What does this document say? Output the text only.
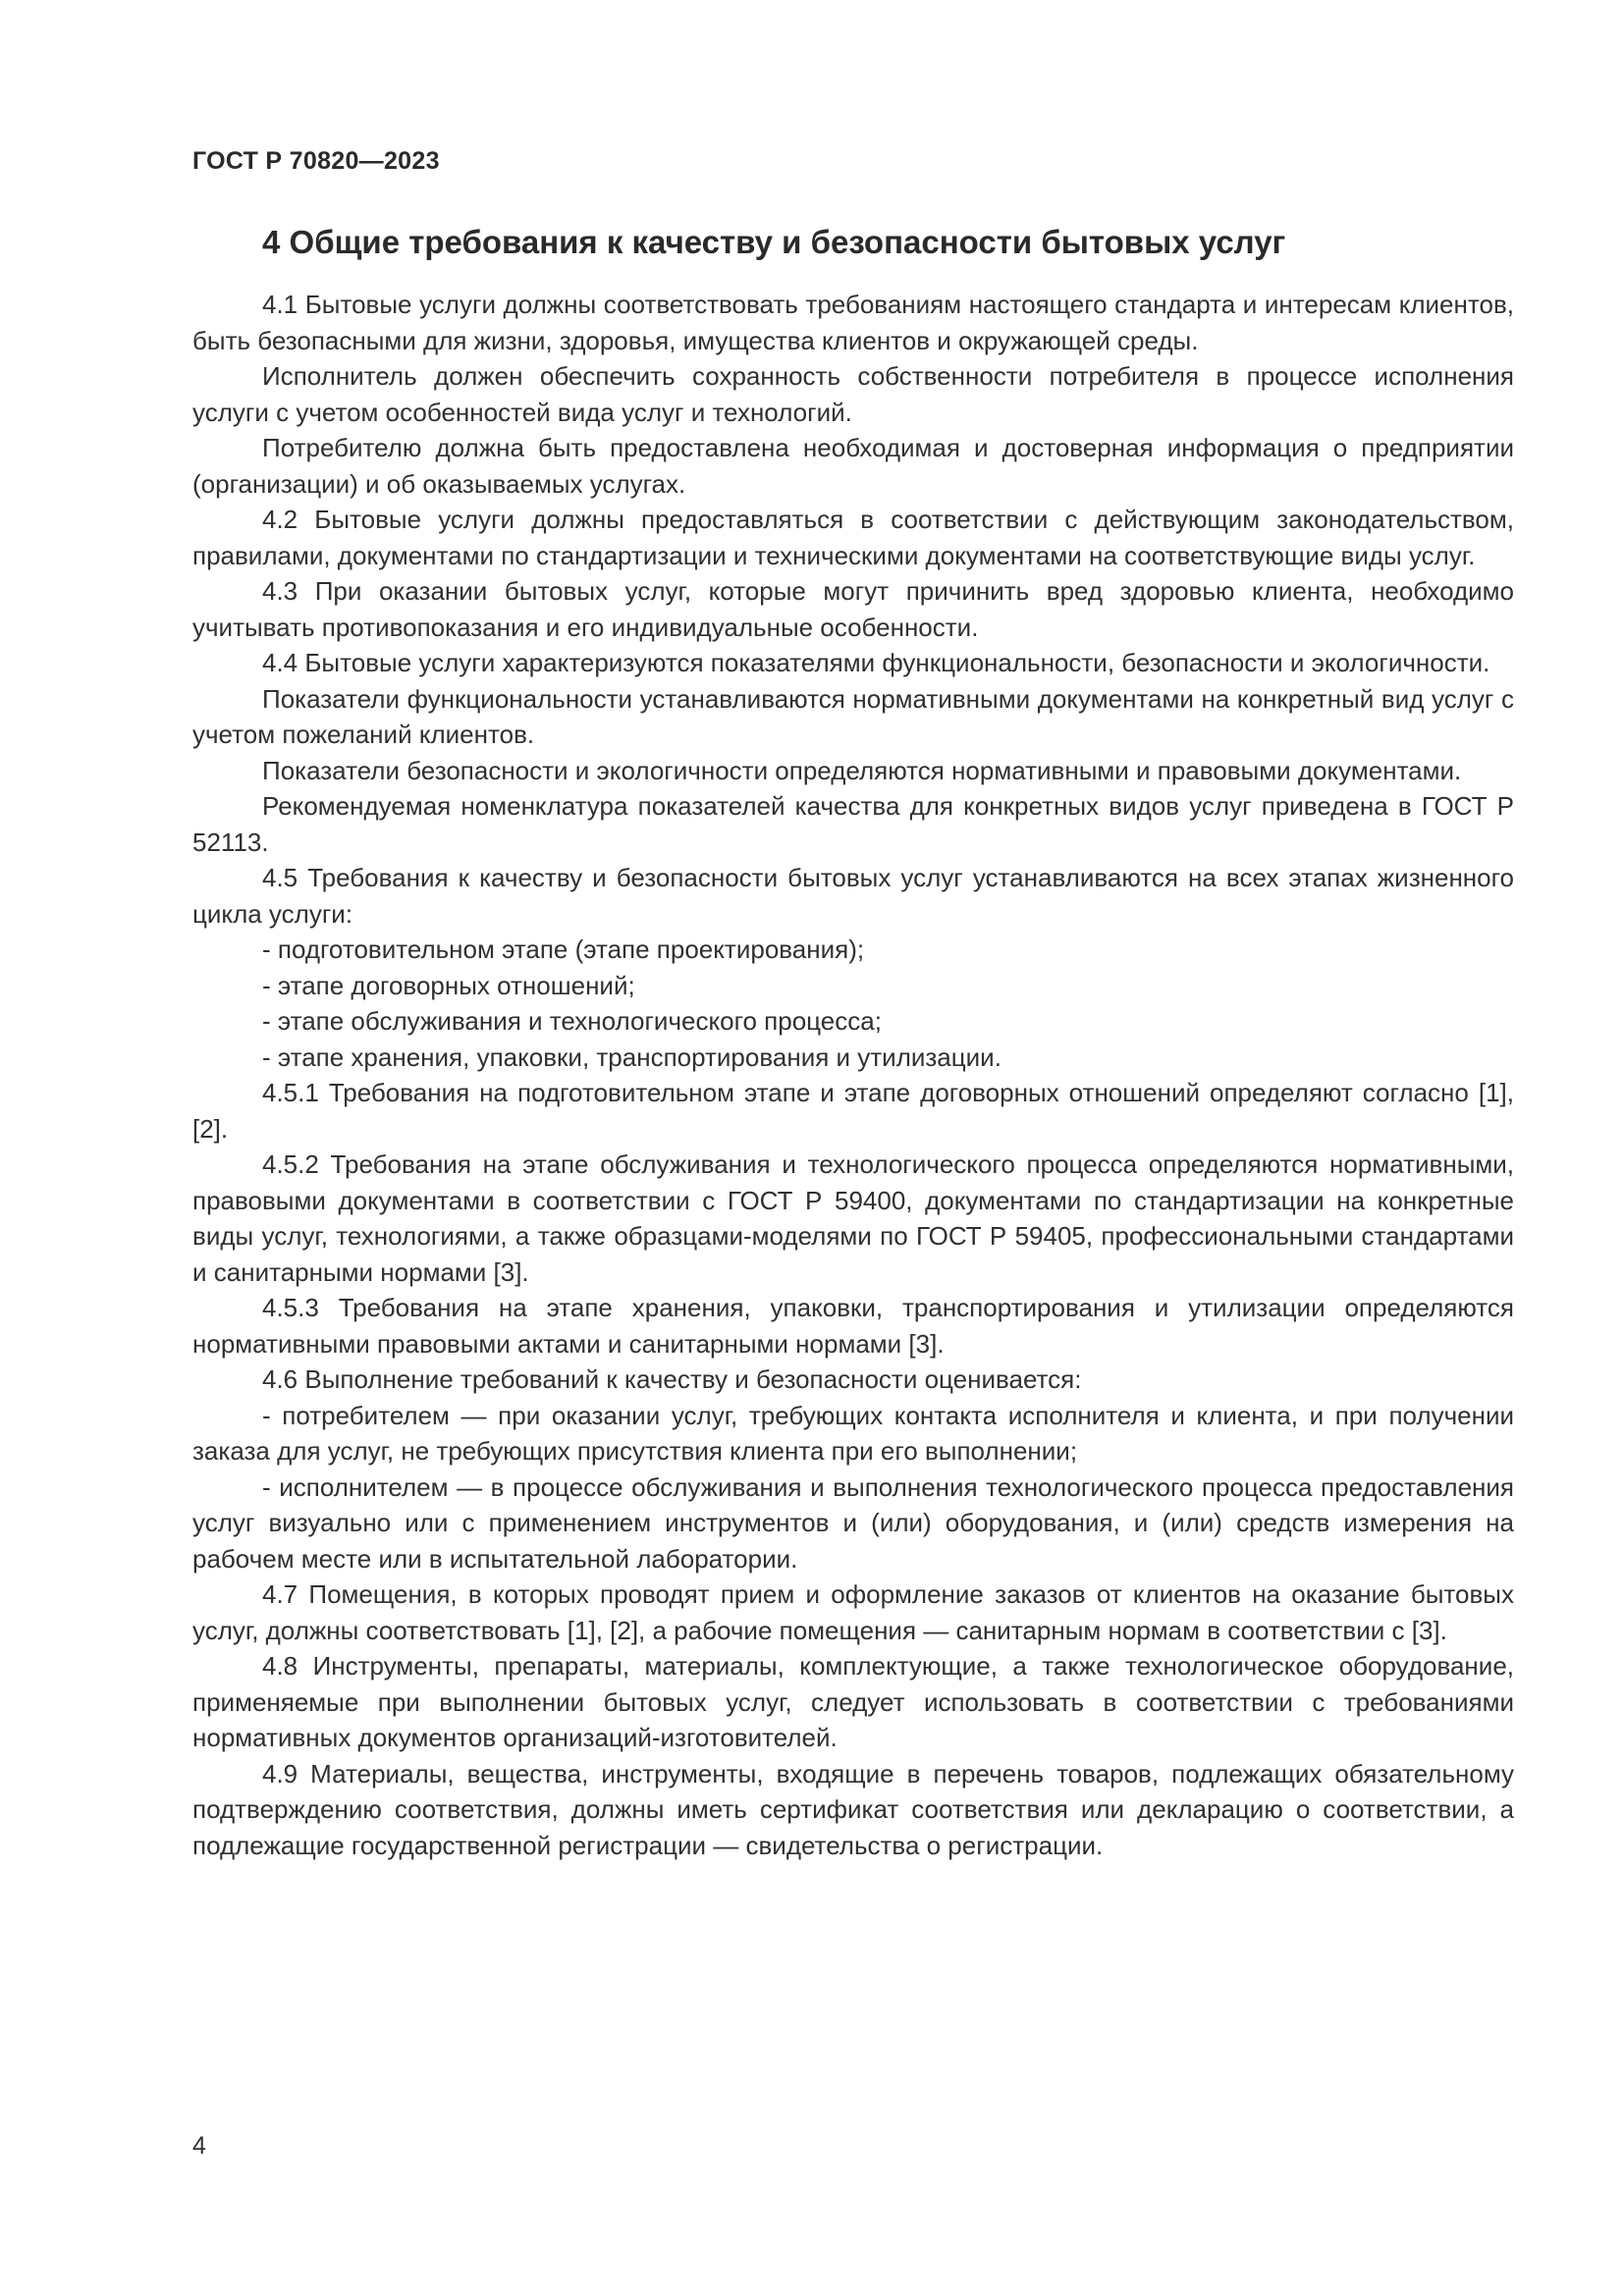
ГОСТ Р 70820—2023
4 Общие требования к качеству и безопасности бытовых услуг

4.1 Бытовые услуги должны соответствовать требованиям настоящего стандарта и интересам клиентов, быть безопасными для жизни, здоровья, имущества клиентов и окружающей среды.

Исполнитель должен обеспечить сохранность собственности потребителя в процессе исполнения услуги с учетом особенностей вида услуг и технологий.

Потребителю должна быть предоставлена необходимая и достоверная информация о предприятии (организации) и об оказываемых услугах.

4.2 Бытовые услуги должны предоставляться в соответствии с действующим законодательством, правилами, документами по стандартизации и техническими документами на соответствующие виды услуг.

4.3 При оказании бытовых услуг, которые могут причинить вред здоровью клиента, необходимо учитывать противопоказания и его индивидуальные особенности.

4.4 Бытовые услуги характеризуются показателями функциональности, безопасности и экологичности.

Показатели функциональности устанавливаются нормативными документами на конкретный вид услуг с учетом пожеланий клиентов.

Показатели безопасности и экологичности определяются нормативными и правовыми документами.

Рекомендуемая номенклатура показателей качества для конкретных видов услуг приведена в ГОСТ Р 52113.

4.5 Требования к качеству и безопасности бытовых услуг устанавливаются на всех этапах жизненного цикла услуги:

- подготовительном этапе (этапе проектирования);

- этапе договорных отношений;

- этапе обслуживания и технологического процесса;

- этапе хранения, упаковки, транспортирования и утилизации.

4.5.1 Требования на подготовительном этапе и этапе договорных отношений определяют согласно [1], [2].

4.5.2 Требования на этапе обслуживания и технологического процесса определяются нормативными, правовыми документами в соответствии с ГОСТ Р 59400, документами по стандартизации на конкретные виды услуг, технологиями, а также образцами-моделями по ГОСТ Р 59405, профессиональными стандартами и санитарными нормами [3].

4.5.3 Требования на этапе хранения, упаковки, транспортирования и утилизации определяются нормативными правовыми актами и санитарными нормами [3].

4.6 Выполнение требований к качеству и безопасности оценивается:

- потребителем — при оказании услуг, требующих контакта исполнителя и клиента, и при получении заказа для услуг, не требующих присутствия клиента при его выполнении;

- исполнителем — в процессе обслуживания и выполнения технологического процесса предоставления услуг визуально или с применением инструментов и (или) оборудования, и (или) средств измерения на рабочем месте или в испытательной лаборатории.

4.7 Помещения, в которых проводят прием и оформление заказов от клиентов на оказание бытовых услуг, должны соответствовать [1], [2], а рабочие помещения — санитарным нормам в соответствии с [3].

4.8 Инструменты, препараты, материалы, комплектующие, а также технологическое оборудование, применяемые при выполнении бытовых услуг, следует использовать в соответствии с требованиями нормативных документов организаций-изготовителей.

4.9 Материалы, вещества, инструменты, входящие в перечень товаров, подлежащих обязательному подтверждению соответствия, должны иметь сертификат соответствия или декларацию о соответствии, а подлежащие государственной регистрации — свидетельства о регистрации.

4
